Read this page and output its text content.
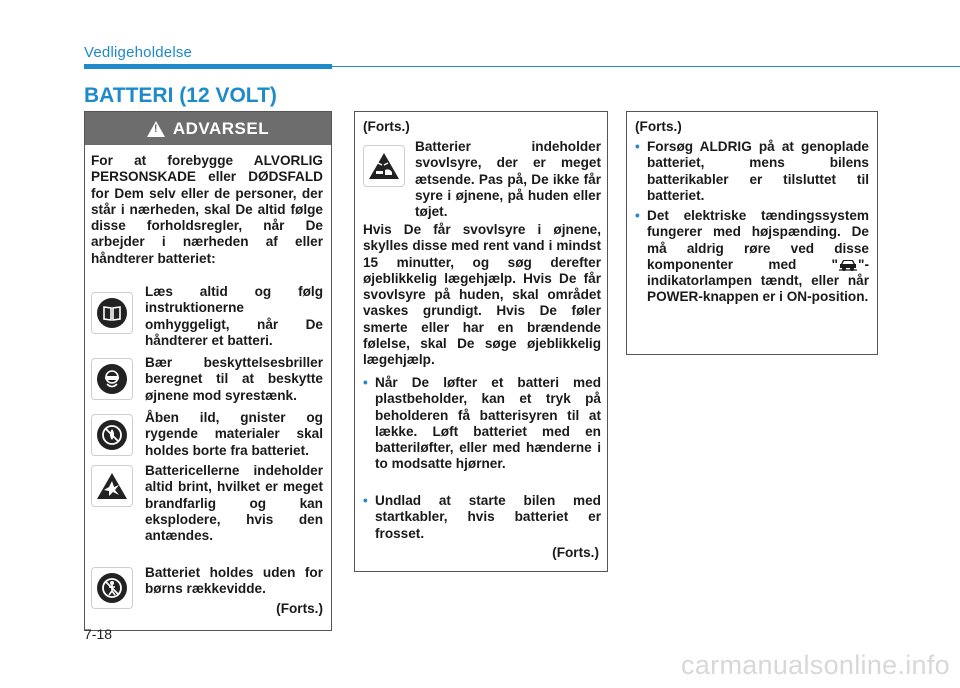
Vedligeholdelse
BATTERI (12 VOLT)
!
ADVARSEL
For at forebygge ALVORLIG PERSONSKADE eller DØDSFALD for Dem selv eller de personer, der står i nærheden, skal De altid følge disse forholdsregler, når De arbejder i nærheden af eller håndterer batteriet:
Læs altid og følg instruktionerne omhyggeligt, når De håndterer et batteri.
Bær beskyttelsesbriller beregnet til at beskytte øjnene mod syrestænk.
Åben ild, gnister og rygende materialer skal holdes borte fra batteriet.
Battericellerne indeholder altid brint, hvilket er meget brandfarlig og kan eksplodere, hvis den antændes.
Batteriet holdes uden for børns rækkevidde.
(Forts.)
(Forts.)
Batterier indeholder svovlsyre, der er meget ætsende. Pas på, De ikke får syre i øjnene, på huden eller tøjet.
Hvis De får svovlsyre i øjnene, skylles disse med rent vand i mindst 15 minutter, og søg derefter øjeblikkelig lægehjælp. Hvis De får svovlsyre på huden, skal området vaskes grundigt. Hvis De føler smerte eller har en brændende følelse, skal De søge øjeblikkelig lægehjælp.
• Når De løfter et batteri med plastbeholder, kan et tryk på beholderen få batterisyren til at lække. Løft batteriet med en batteriløfter, eller med hænderne i to modsatte hjørner.
• Undlad at starte bilen med startkabler, hvis batteriet er frosset.
(Forts.)
(Forts.)
• Forsøg ALDRIG på at genoplade batteriet, mens bilens batterikabler er tilsluttet til batteriet.
• Det elektriske tændingssystem fungerer med højspænding. De må aldrig røre ved disse komponenter med " "-indikatorlampen tændt, eller når POWER-knappen er i ON-position.
7-18
carmanualsonline.info
